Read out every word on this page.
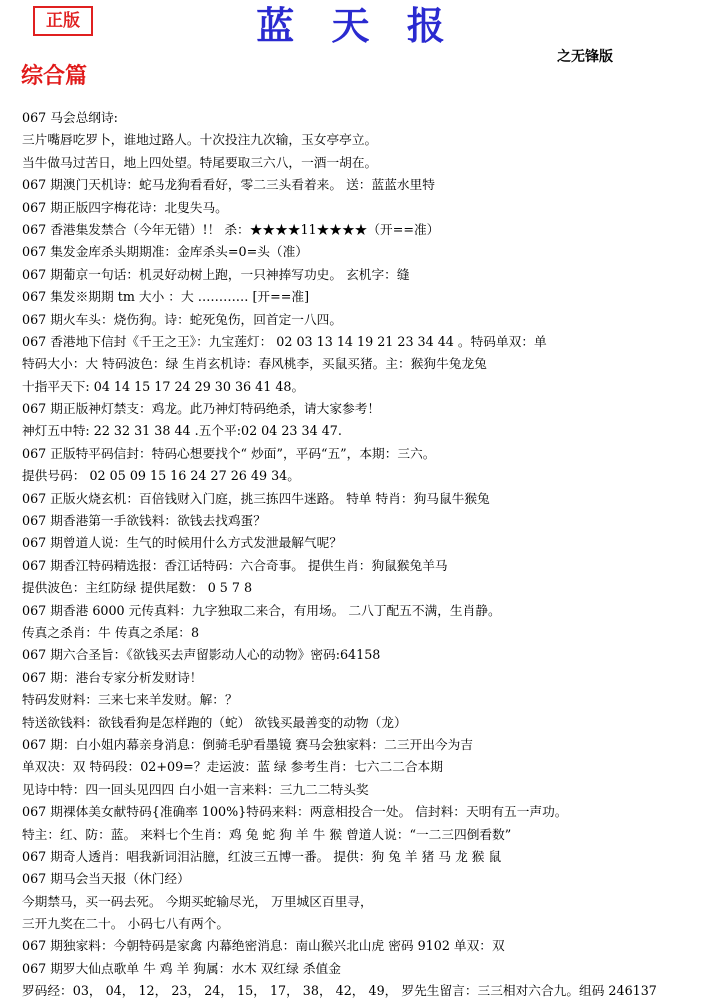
正版	蓝 天 报
之无锋版
综合篇
067 马会总纲诗:
三片嘴唇吃罗卜，谁地过路人。十次投注九次输，玉女亭亭立。
当牛做马过苦日，地上四处望。特尾要取三六八，一酒一胡在。
067 期澳门天机诗：蛇马龙狗看看好，零二三头看着来。 送：蓝蓝水里特
067 期正版四字梅花诗：北叟失马。
067 香港集发禁合（今年无错）!！ 杀：★★★★11★★★★（开==准）
067 集发金库杀头期期准：金库杀头=0=头（准）
067 期葡京一句话：机灵好动树上跑，一只神捧写功史。 玄机字：缝
067 集发※期期 tm 大小 ：大 ………… [开==准]
067 期火车头：烧伤狗。诗：蛇死兔伤，回首定一八四。
067 香港地下信封《千王之王》：九宝莲灯： 02 03 13 14 19 21 23 34 44 。特码单双：单
特码大小：大 特码波色：绿 生肖玄机诗：春风桃李，买鼠买猪。主：猴狗牛兔龙兔
十指平天下: 04 14 15 17 24 29 30 36 41 48。
067 期正版神灯禁支：鸡龙。此乃神灯特码绝杀，请大家参考！
神灯五中特: 22 32 31 38 44 .五个平:02 04 23 34 47.
067 正版特平码信封：特码心想要找个“ 炒面”，平码“五”，本期：三六。
提供号码： 02 05 09 15 16 24 27 26 49 34。
067 正版火烧玄机：百倍钱财入门庭，挑三拣四牛迷路。 特单 特肖：狗马鼠牛猴兔
067 期香港第一手欲钱料：欲钱去找鸡蛋？
067 期曾道人说：生气的时候用什么方式发泄最解气呢？
067 期香江特码精选报：香江话特码：六合奇事。 提供生肖：狗鼠猴兔羊马
提供波色：主红防绿 提供尾数： 0 5 7 8
067 期香港 6000 元传真料：九字独取二来合，有用场。 二八丁配五不满，生肖静。
传真之杀肖：牛 传真之杀尾：8
067 期六合圣旨：《欲钱买去声留影动人心的动物》密码:64158
067 期：港台专家分析发财诗！
特码发财料：三来七来羊发财。解：？
特送欲钱料：欲钱看狗是怎样跑的（蛇） 欲钱买最善变的动物（龙）
067 期：白小姐内幕亲身消息：倒骑毛驴看墨镜 赛马会独家料：二三开出今为吉
单双决：双 特码段：02+09=？走运波：蓝 绿 参考生肖：七六二二合本期
见诗中特：四一回头见四四 白小姐一言来料：三九二二特头奖
067 期裸体美女献特码{准确率 100%}特码来料：两意相投合一处。 信封料：天明有五一声功。
特主：红、防：蓝。 来料七个生肖：鸡 兔 蛇 狗 羊 牛 猴 曾道人说：“一二三四倒看数”
067 期奇人透肖：唱我新词泪沾臆，红波三五博一番。 提供：狗 兔 羊 猪 马 龙 猴 鼠
067 期马会当天报（休门经）
今期禁马，买一码去死。 今期买蛇输尽光， 万里城区百里寻，
三开九奖在二十。 小码七八有两个。
067 期独家料：今朝特码是家禽 内幕绝密消息：南山猴兴北山虎 密码 9102 单双：双
067 期罗大仙点歌单 牛 鸡 羊 狗属：水木 双红绿 杀值金
罗码经：03， 04， 12， 23， 24， 15， 17， 38， 42， 49， 罗先生留言：三三相对六合九。组码 246137
